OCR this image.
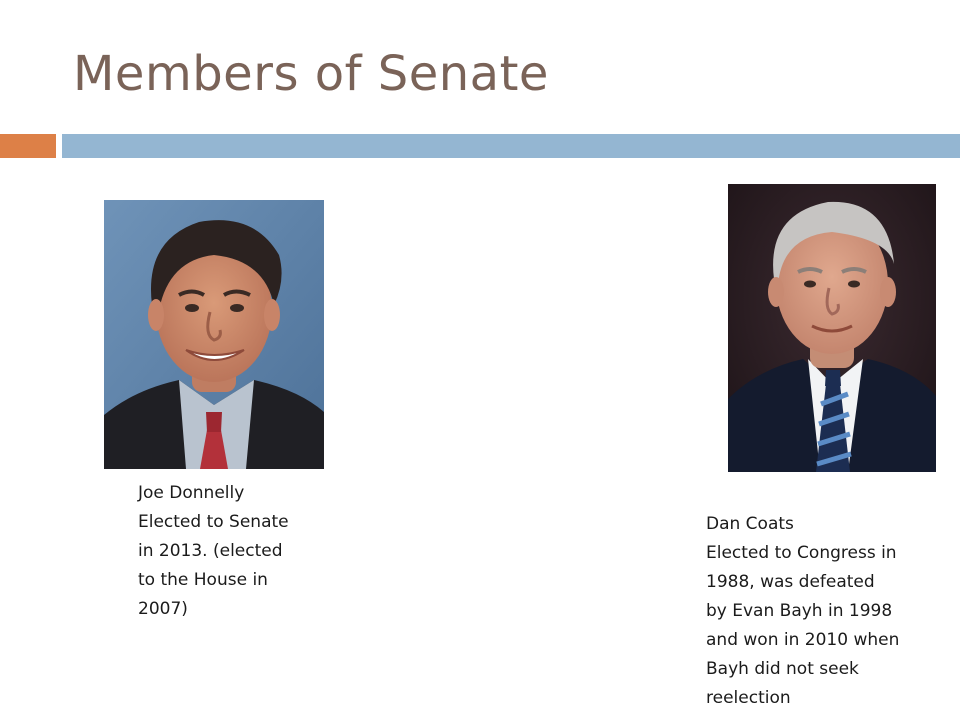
Members of Senate

Joe Donnelly
Elected to Senate
in 2013. (elected
to the House in
2007)

Dan Coats
Elected to Congress in
1988, was defeated
by Evan Bayh in 1998
and won in 2010 when
Bayh did not seek
reelection
